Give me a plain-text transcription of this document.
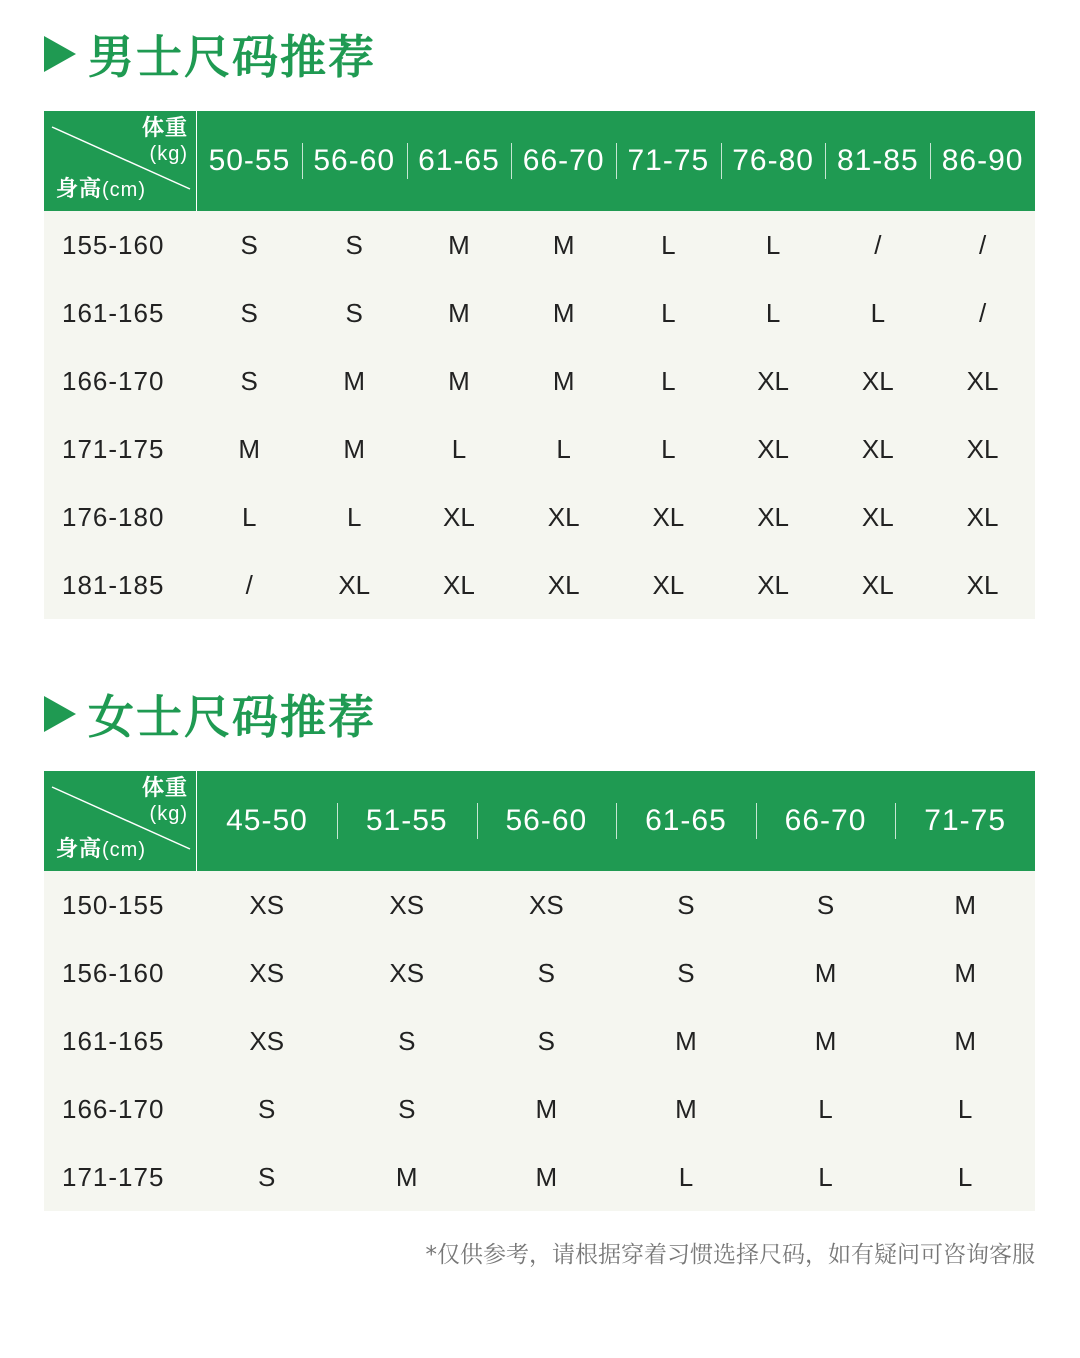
男士尺码推荐
体重
(kg)
身高(cm)	50-55	56-60	61-65	66-70	71-75	76-80	81-85	86-90
155-160	S	S	M	M	L	L	/	/
161-165	S	S	M	M	L	L	L	/
166-170	S	M	M	M	L	XL	XL	XL
171-175	M	M	L	L	L	XL	XL	XL
176-180	L	L	XL	XL	XL	XL	XL	XL
181-185	/	XL	XL	XL	XL	XL	XL	XL
女士尺码推荐
体重
(kg)
身高(cm)	45-50	51-55	56-60	61-65	66-70	71-75
150-155	XS	XS	XS	S	S	M
156-160	XS	XS	S	S	M	M
161-165	XS	S	S	M	M	M
166-170	S	S	M	M	L	L
171-175	S	M	M	L	L	L
*仅供参考，请根据穿着习惯选择尺码，如有疑问可咨询客服
